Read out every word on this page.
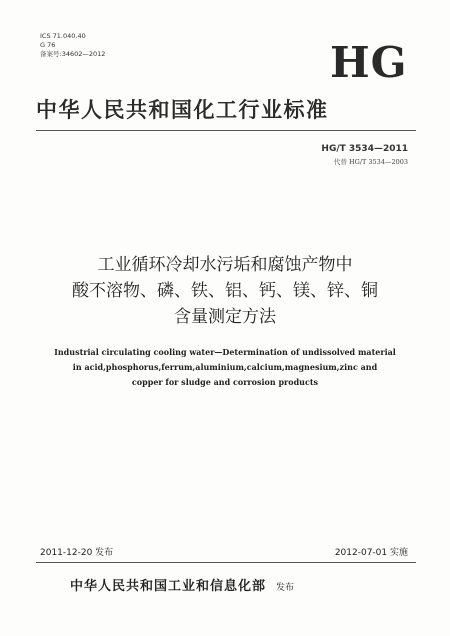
ICS 71.040.40
G 76
备案号:34602—2012	HG
中华人民共和国化工行业标准
HG/T 3534—2011
代替 HG/T 3534—2003
工业循环冷却水污垢和腐蚀产物中
酸不溶物、磷、铁、铝、钙、镁、锌、铜
含量测定方法
Industrial circulating cooling water—Determination of undissolved material
in acid,phosphorus,ferrum,aluminium,calcium,magnesium,zinc and
copper for sludge and corrosion products
2011-12-20 发布	2012-07-01 实施
中华人民共和国工业和信息化部 发布
